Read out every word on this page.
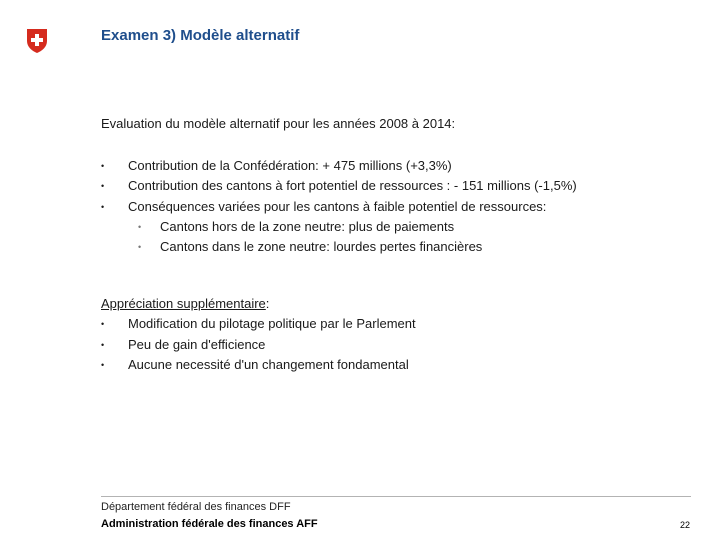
Examen 3) Modèle alternatif
Evaluation du modèle alternatif pour les années 2008 à 2014:
• Contribution de la Confédération: + 475 millions (+3,3%)
• Contribution des cantons à fort potentiel de ressources : - 151 millions (-1,5%)
• Conséquences variées pour les cantons à faible potentiel de ressources:
• Cantons hors de la zone neutre: plus de paiements
• Cantons dans le zone neutre: lourdes pertes financières
Appréciation supplémentaire:
• Modification du pilotage politique par le Parlement
• Peu de gain d'efficience
• Aucune necessité d'un changement fondamental
Département fédéral des finances DFF
Administration fédérale des finances AFF	22
